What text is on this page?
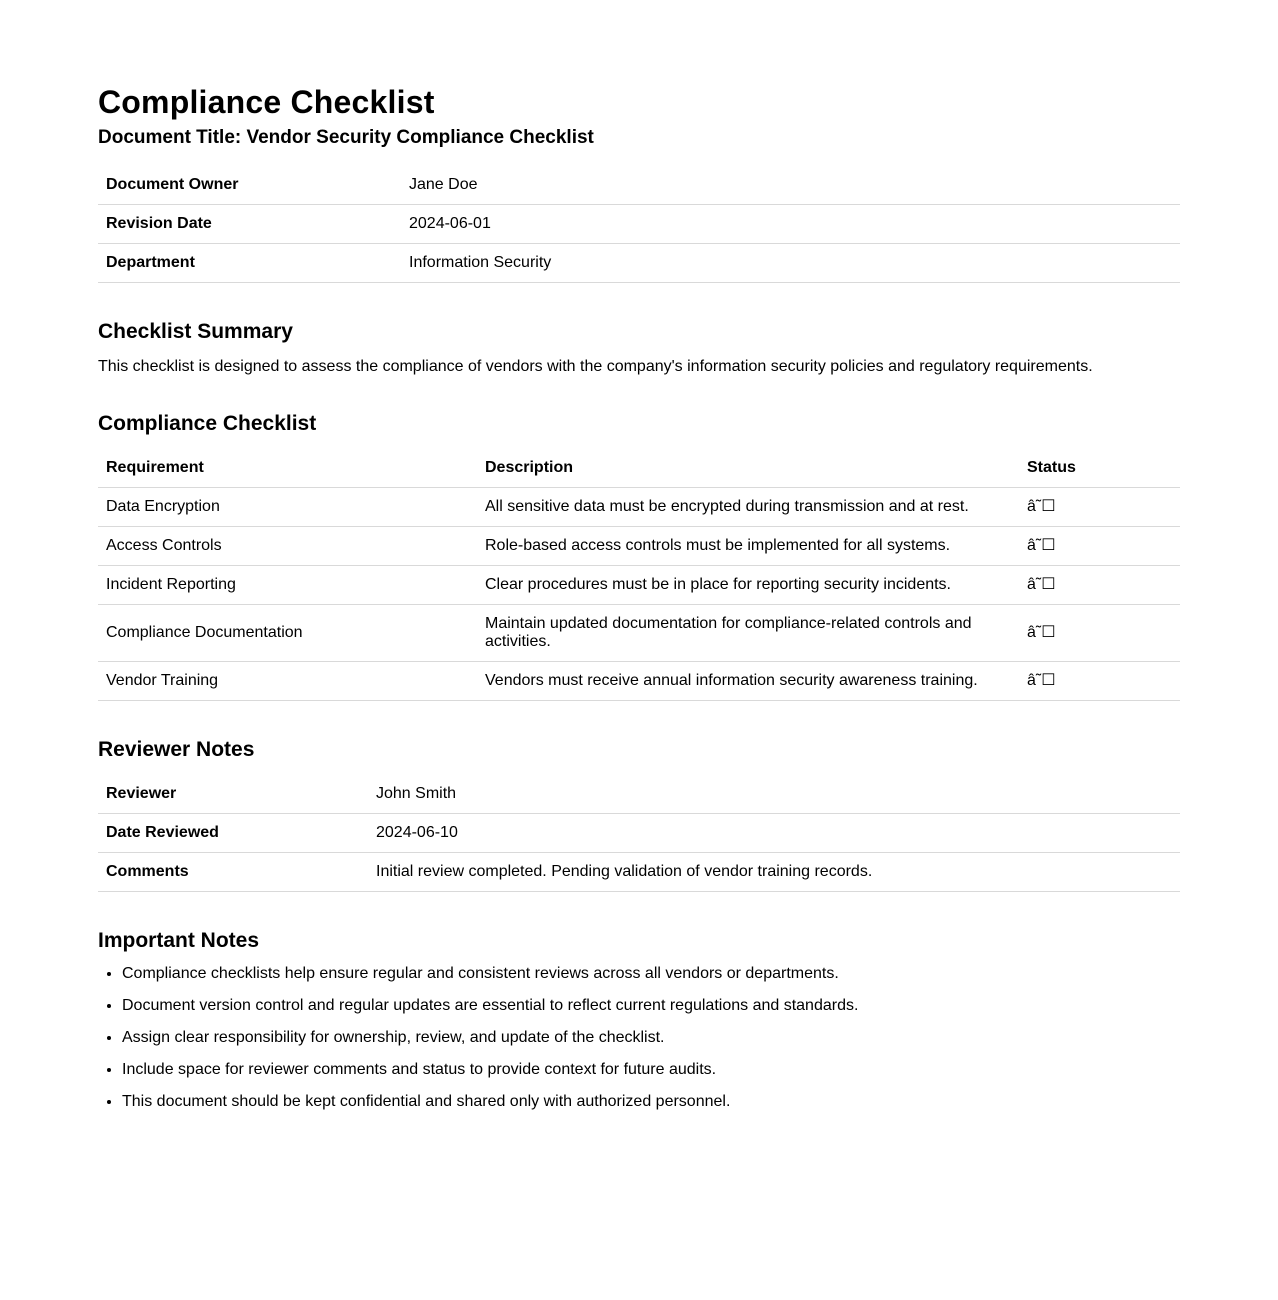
Compliance Checklist
Document Title: Vendor Security Compliance Checklist
Document Owner	Jane Doe
Revision Date	2024-06-01
Department	Information Security
Checklist Summary

This checklist is designed to assess the compliance of vendors with the company's information security policies and regulatory requirements.

Compliance Checklist
Requirement	Description	Status
Data Encryption	All sensitive data must be encrypted during transmission and at rest.	â˜☐
Access Controls	Role-based access controls must be implemented for all systems.	â˜☐
Incident Reporting	Clear procedures must be in place for reporting security incidents.	â˜☐
Compliance Documentation	Maintain updated documentation for compliance-related controls and activities.	â˜☐
Vendor Training	Vendors must receive annual information security awareness training.	â˜☐
Reviewer Notes
Reviewer	John Smith
Date Reviewed	2024-06-10
Comments	Initial review completed. Pending validation of vendor training records.
Important Notes
• Compliance checklists help ensure regular and consistent reviews across all vendors or departments.
• Document version control and regular updates are essential to reflect current regulations and standards.
• Assign clear responsibility for ownership, review, and update of the checklist.
• Include space for reviewer comments and status to provide context for future audits.
• This document should be kept confidential and shared only with authorized personnel.
